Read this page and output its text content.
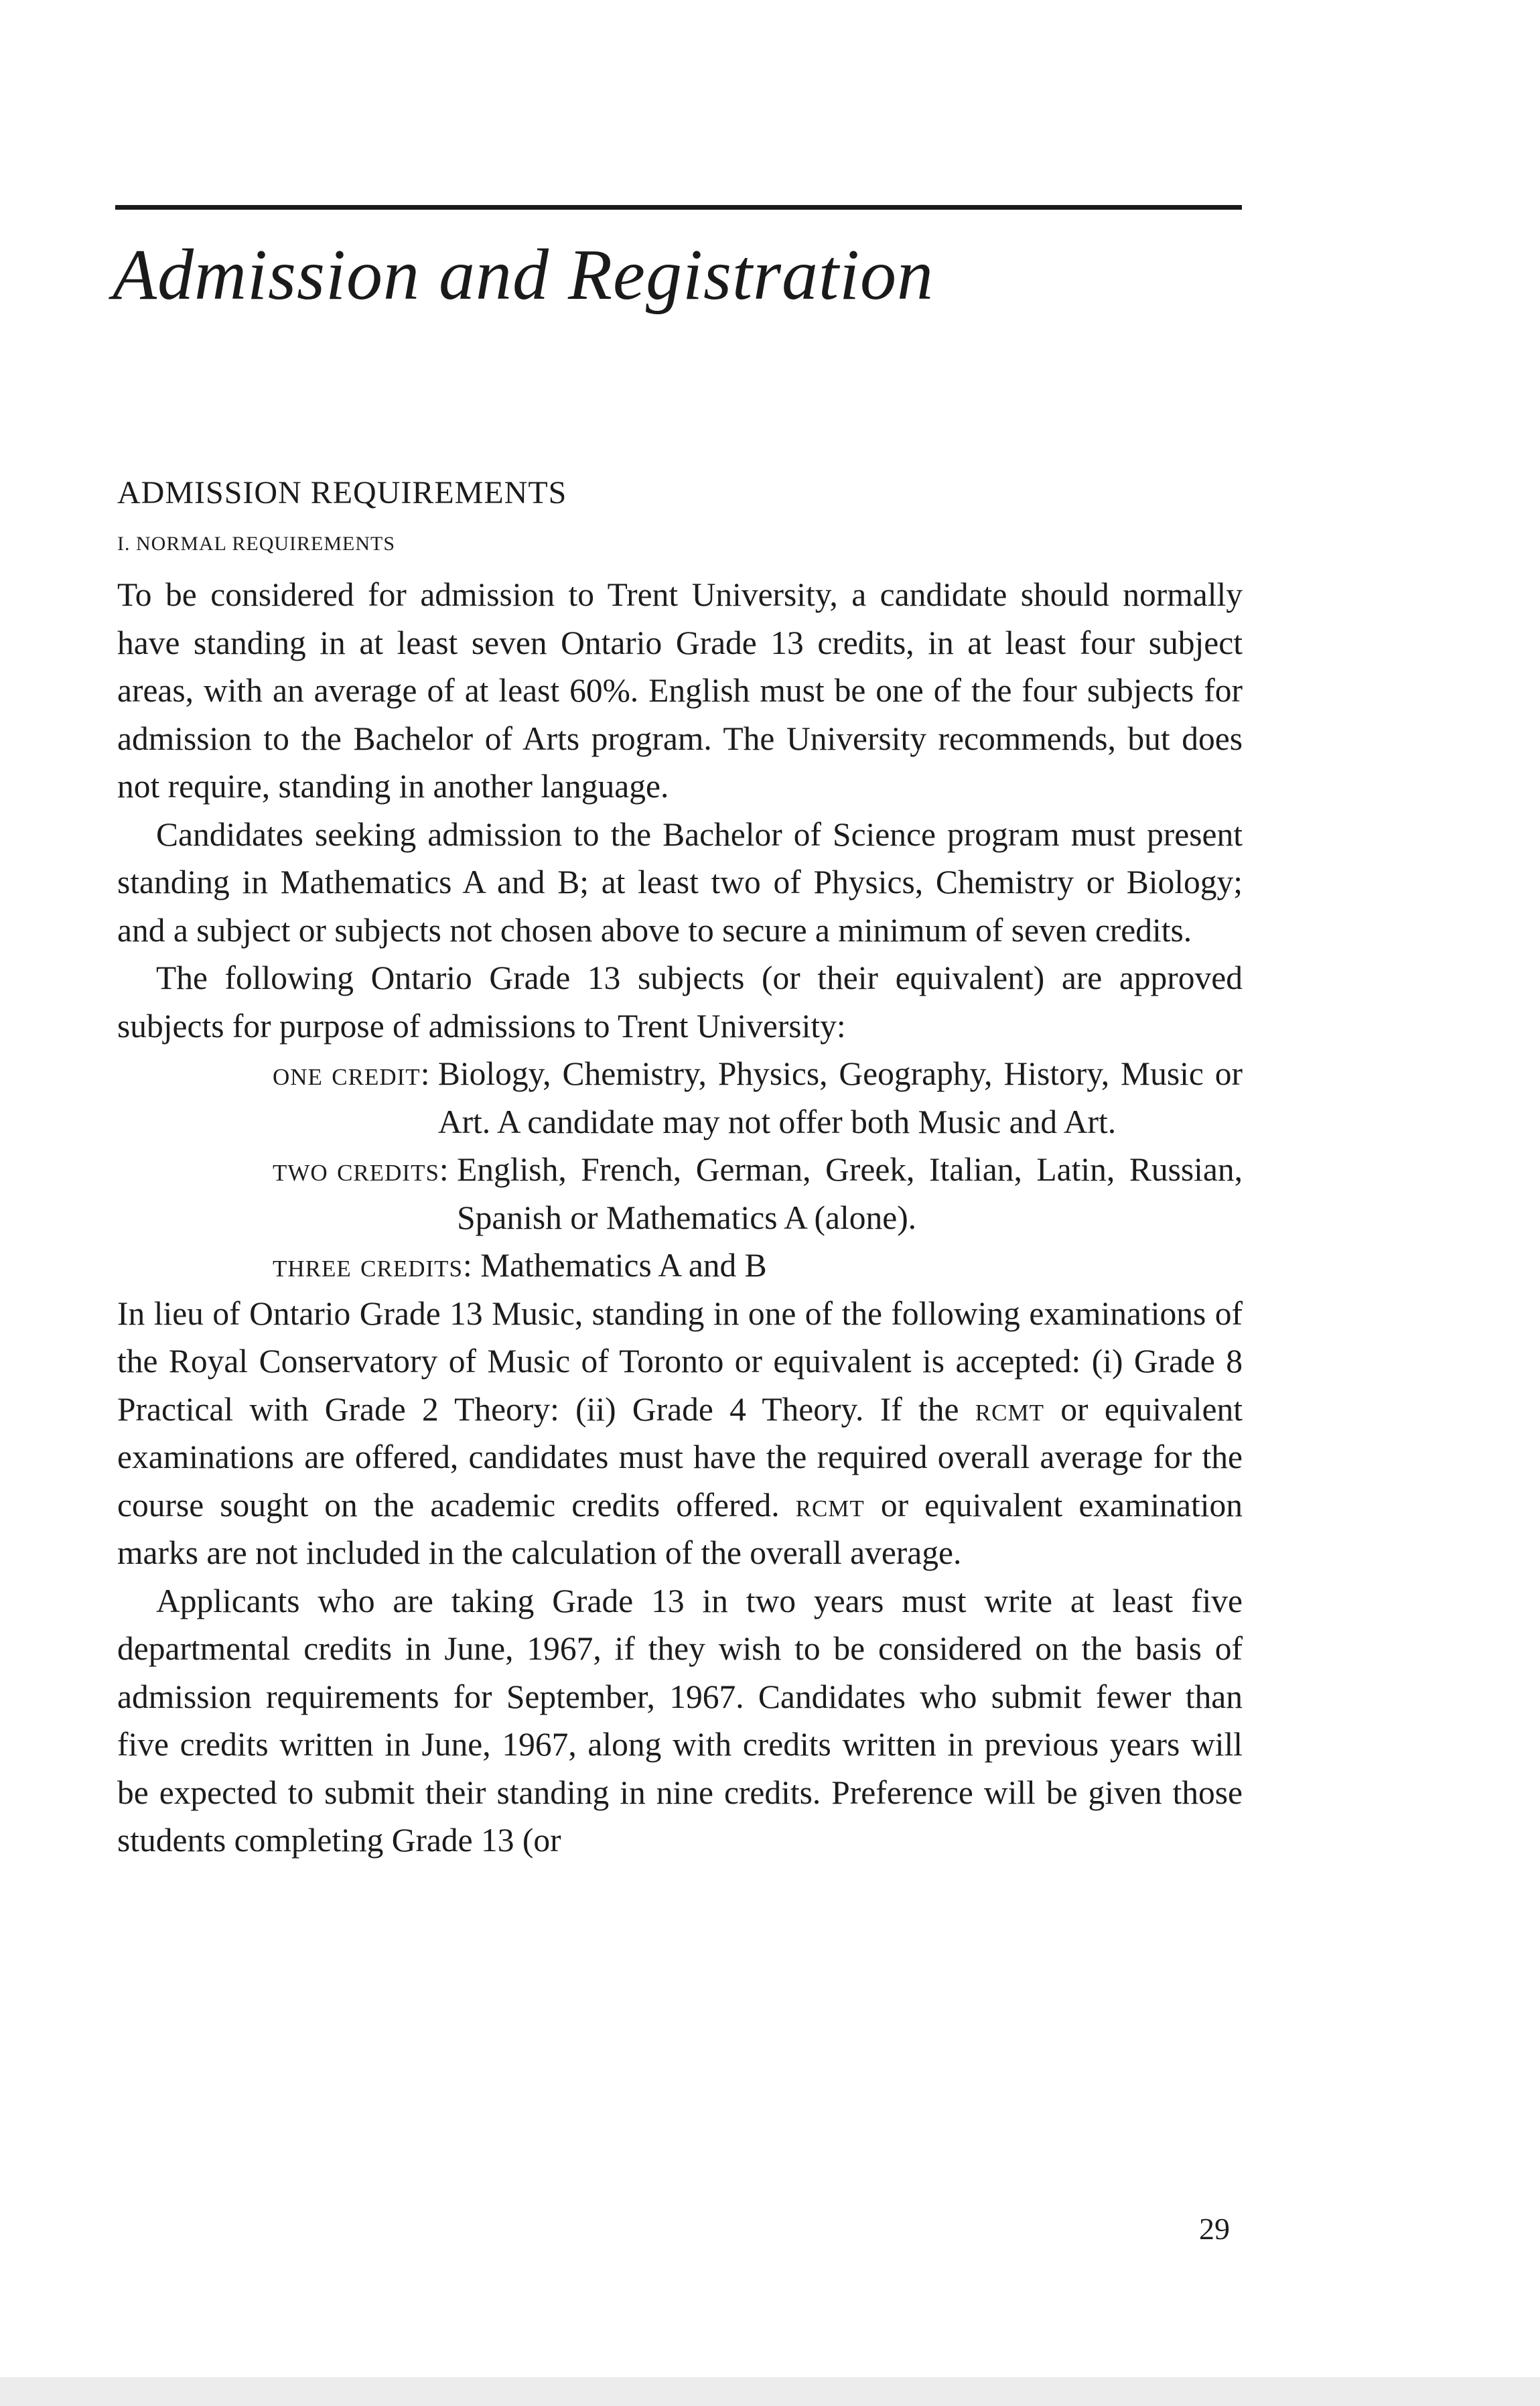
Admission and Registration
ADMISSION REQUIREMENTS
I. NORMAL REQUIREMENTS

To be considered for admission to Trent University, a candidate should normally have standing in at least seven Ontario Grade 13 credits, in at least four subject areas, with an average of at least 60%. English must be one of the four subjects for admission to the Bachelor of Arts program. The University recommends, but does not require, standing in another language.

Candidates seeking admission to the Bachelor of Science program must present standing in Mathematics A and B; at least two of Physics, Chemistry or Biology; and a subject or subjects not chosen above to secure a minimum of seven credits.

The following Ontario Grade 13 subjects (or their equivalent) are approved subjects for purpose of admissions to Trent University:

one credit: Biology, Chemistry, Physics, Geography, History, Music or Art. A candidate may not offer both Music and Art.
two credits: English, French, German, Greek, Italian, Latin, Russian, Spanish or Mathematics A (alone).
three credits: Mathematics A and B

In lieu of Ontario Grade 13 Music, standing in one of the following examinations of the Royal Conservatory of Music of Toronto or equivalent is accepted: (i) Grade 8 Practical with Grade 2 Theory: (ii) Grade 4 Theory. If the rcmt or equivalent examinations are offered, candidates must have the required overall average for the course sought on the academic credits offered. rcmt or equivalent examination marks are not included in the calculation of the overall average.

Applicants who are taking Grade 13 in two years must write at least five departmental credits in June, 1967, if they wish to be considered on the basis of admission requirements for September, 1967. Candidates who submit fewer than five credits written in June, 1967, along with credits written in previous years will be expected to submit their standing in nine credits. Preference will be given those students completing Grade 13 (or

29
